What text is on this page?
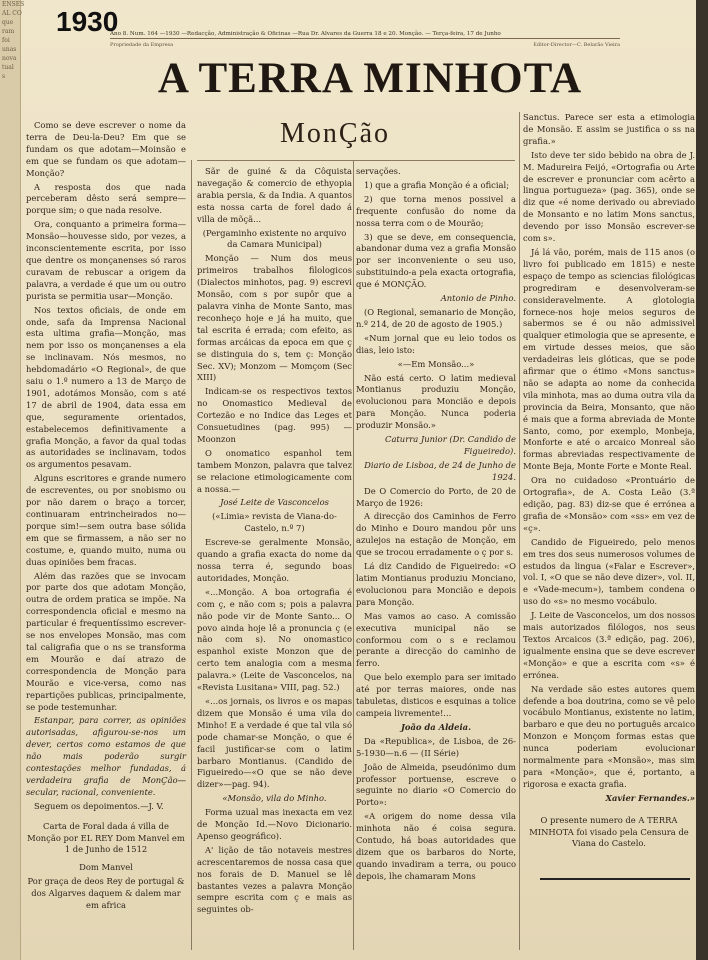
ENSES
AL CO
que
ram
foi
unas
nova
tual
s
1930
Ano 8. Num. 164 —1930 —Redacção, Administração & Oficinas —Rua Dr. Alvares da Guerra 18 e 20. Monção. — Terça-feira, 17 de Junho
Propriedade da Empresa	Editor-Director—C. Belarão Vieira
A TERRA MINHOTA
MonÇão

Como se deve escrever o nome da terra de Deu-la-Deu? Em que se fundam os que adotam—Moinsão e em que se fundam os que adotam—Monção?

A resposta dos que nada perceberam dêsto será sempre—porque sim; o que nada resolve.

Ora, conquanto a primeira forma—Monsão—houvesse sido, por vezes, a inconscientemente escrita, por isso que dentre os monçanenses só raros curavam de rebuscar a origem da palavra, a verdade é que um ou outro purista se permitia usar—Monção.

Nos textos oficiais, de onde em onde, safa da Imprensa Nacional esta ultima grafia—Monção, mas nem por isso os monçanenses a ela se inclinavam. Nós mesmos, no hebdomadário «O Regional», de que saiu o 1.º numero a 13 de Março de 1901, adotámos Monsão, com s até 17 de abril de 1904, data essa em que, seguramente orientados, estabelecemos definitivamente a grafia Monção, a favor da qual todas as autoridades se inclinavam, todos os argumentos pesavam.

Alguns escritores e grande numero de escreventes, ou por snobismo ou por não darem o braço a torcer, continuaram entrincheirados no—porque sim!—sem outra base sólida em que se firmassem, a não ser no costume, e, quando muito, numa ou duas opiniões bem fracas.

Além das razões que se invocam por parte dos que adotam Monção, outra de ordem pratica se impõe. Na correspondencia oficial e mesmo na particular é frequentíssimo escrever-se nos envelopes Monsão, mas com tal caligrafia que o ns se transforma em Mourão e daí atrazo de correspondencia de Monção para Mourão e vice-versa, como nas repartições publicas, principalmente, se pode testemunhar.

Estanpar, para correr, as opiniões autorisadas, afigurou-se-nos um dever, certos como estamos de que não mais poderão surgir contestações melhor fundadas, á verdadeira grafia de MonÇão—secular, racional, conveniente.

Seguem os depoimentos.—J. V.

Carta de Foral dada á villa de Monção por EL REY Dom Manvel em 1 de Junho de 1512

Dom Manvel

Por graça de deos Rey de portugal & dos Algarves daquem & dalem mar em africa

Sãr de guiné & da Côquista navegação & comercio de ethyopia arabia persia, & da India. A quantos esta nossa carta de forel dado á villa de mõçã...

(Pergaminho existente no arquivo da Camara Municipal)

Monção — Num dos meus primeiros trabalhos filologicos (Dialectos minhotos, pag. 9) escrevi Monsão, com s por supôr que a palavra vinha de Monte Santo, mas reconheço hoje e já ha muito, que tal escrita é errada; com efeito, as formas arcáicas da epoca em que ç se distinguia do s, tem ç: Monção Sec. XV); Monzom — Momçom (Sec XIII)

Indicam-se os respectivos textos no Onomastico Medieval de Cortezão e no Indice das Leges et Consuetudines (pag. 995) — Moonzon

O onomatico espanhol tem tambem Monzon, palavra que talvez se relacione etimologicamente com a nossa.—

José Leite de Vasconcelos

(«Limia» revista de Viana-do-Castelo, n.º 7)

Escreve-se geralmente Monsão, quando a grafia exacta do nome da nossa terra é, segundo boas autoridades, Monção.

«...Monção. A boa ortografia é com ç, e não com s; pois a palavra não pode vir de Monte Santo... O povo ainda hoje lê a pronuncia ç (e não com s). No onomastico espanhol existe Monzon que de certo tem analogia com a mesma palavra.» (Leite de Vasconcelos, na «Revista Lusitana» VIII, pag. 52.)

«...os jornais, os livros e os mapas dizem que Monsão é uma vila do Minho! E a verdade é que tal vila só pode chamar-se Monção, o que é facil justificar-se com o latim barbaro Montianus. (Candido de Figueiredo—«O que se não deve dizer»—pag. 94).

«Monsão, vila do Minho.

Forma uzual mas inexacta em vez de Monção Id.—Novo Dicionario. Apenso geográfico).

A' lição de tão notaveis mestres acrescentaremos de nossa casa que nos forais de D. Manuel se lê bastantes vezes a palavra Monção sempre escrita com ç e mais as seguintes ob-

servações.

1) que a grafia Monção é a oficial;

2) que torna menos possivel a frequente confusão do nome da nossa terra com o de Mourão;

3) que se deve, em consequencia, abandonar duma vez a grafia Monsão por ser inconveniente o seu uso, substituindo-a pela exacta ortografia, que é MONÇÃO.

Antonio de Pinho.

(O Regional, semanario de Monção, n.º 214, de 20 de agosto de 1905.)

«Num jornal que eu leio todos os dias, leio isto:

«—Em Monsão...»

Não está certo. O latim medieval Montianus produziu Monção, evolucionou para Moncião e depois para Monção. Nunca poderia produzir Monsão.»

Caturra Junior (Dr. Candido de Figueiredo).

Diario de Lisboa, de 24 de Junho de 1924.

De O Comercio do Porto, de 20 de Março de 1926:

A direcção dos Caminhos de Ferro do Minho e Douro mandou pôr uns azulejos na estação de Monção, em que se trocou erradamente o ç por s.

Lá diz Candido de Figueiredo: «O latim Montianus produziu Monciano, evolucionou para Moncião e depois para Monção.

Mas vamos ao caso. A comissão executiva municipal não se conformou com o s e reclamou perante a direcção do caminho de ferro.

Que belo exemplo para ser imitado até por terras maiores, onde nas tabuletas, disticos e esquinas a tolice campeia livremente!...

João da Aldeia.

Da «Republica», de Lisboa, de 26-5-1930—n.6 — (II Série)

João de Almeida, pseudónimo dum professor portuense, escreve o seguinte no diario «O Comercio do Porto»:

«A origem do nome dessa vila minhota não é coisa segura. Contudo, há boas autoridades que dizem que os barbaros do Norte, quando invadiram a terra, ou pouco depois, lhe chamaram Mons

Sanctus. Parece ser esta a etimologia de Monsão. E assim se justifica o ss na grafia.»

Isto deve ter sido bebido na obra de J. M. Madureira Feijó, «Ortografia ou Arte de escrever e pronunciar com acêrto a lingua portugueza» (pag. 365), onde se diz que «é nome derivado ou abreviado de Monsanto e no latim Mons sanctus, devendo por isso Monsão escrever-se com s».

Já lá vão, porém, mais de 115 anos (o livro foi publicado em 1815) e neste espaço de tempo as sciencias filológicas progrediram e desenvolveram-se consideravelmente. A glotologia fornece-nos hoje meios seguros de sabermos se é ou não admissivel qualquer etimologia que se apresente, e em virtude desses meios, que são verdadeiras leis glóticas, que se pode afirmar que o étimo «Mons sanctus» não se adapta ao nome da conhecida vila minhota, mas ao duma outra vila da provincia da Beira, Monsanto, que não é mais que a forma abreviada de Monte Santo, como, por exemplo, Monbeja, Monforte e até o arcaico Monreal são formas abreviadas respectivamente de Monte Beja, Monte Forte e Monte Real.

Ora no cuidadoso «Prontuário de Ortografia», de A. Costa Leão (3.ª edição, pag. 83) diz-se que é errónea a grafia de «Monsão» com «ss» em vez de «ç».

Candido de Figueiredo, pelo menos em tres dos seus numerosos volumes de estudos da lingua («Falar e Escrever», vol. I, «O que se não deve dizer», vol. II, e «Vade-mecum»), tambem condena o uso do «s» no mesmo vocábulo.

J. Leite de Vasconcelos, um dos nossos mais autorizados filólogos, nos seus Textos Arcaicos (3.ª edição, pag. 206), igualmente ensina que se deve escrever «Monção» e que a escrita com «s» é errónea.

Na verdade são estes autores quem defende a boa doutrina, como se vê pelo vocábulo Montianus, existente no latim, barbaro e que deu no português arcaico Monzon e Monçom formas estas que nunca poderiam evolucionar normalmente para «Monsão», mas sim para «Monção», que é, portanto, a rigorosa e exacta grafia.

Xavier Fernandes.»

O presente numero de A TERRA MINHOTA foi visado pela Censura de Viana do Castelo.
